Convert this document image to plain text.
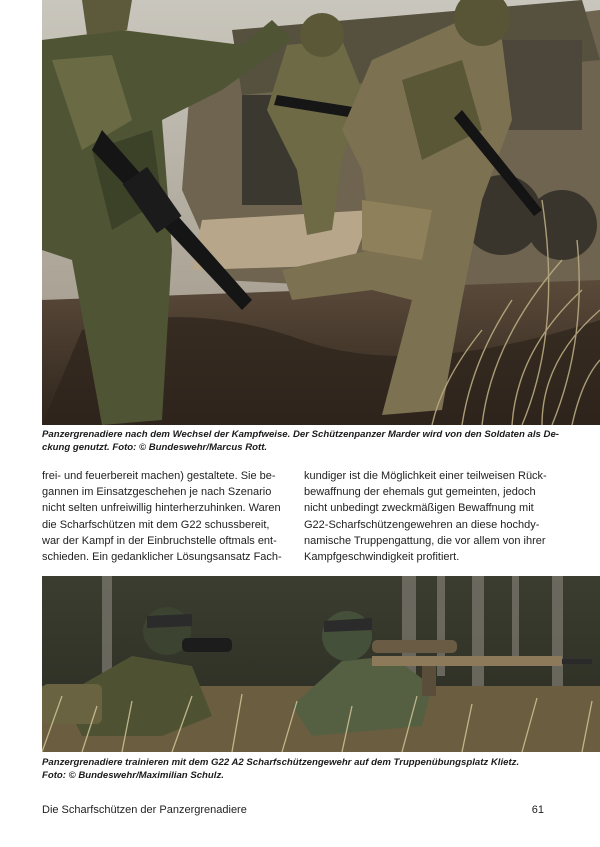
Panzergrenadiere nach dem Wechsel der Kampfweise. Der Schützenpanzer Marder wird von den Soldaten als De-

ckung genutzt. Foto: © Bundeswehr/Marcus Rott.

frei- und feuerbereit machen) gestaltete. Sie be-

gannen im Einsatzgeschehen je nach Szenario

nicht selten unfreiwillig hinterherzuhinken. Waren

die Scharfschützen mit dem G22 schussbereit,

war der Kampf in der Einbruchstelle oftmals ent-

schieden. Ein gedanklicher Lösungsansatz Fach-

kundiger ist die Möglichkeit einer teilweisen Rück-

bewaffnung der ehemals gut gemeinten, jedoch

nicht unbedingt zweckmäßigen Bewaffnung mit

G22-Scharfschützengewehren an diese hochdy-

namische Truppengattung, die vor allem von ihrer

Kampfgeschwindigkeit profitiert.

Panzergrenadiere trainieren mit dem G22 A2 Scharfschützengewehr auf dem Truppenübungsplatz Klietz.

Foto: © Bundeswehr/Maximilian Schulz.

Die Scharfschützen der Panzergrenadiere	61
